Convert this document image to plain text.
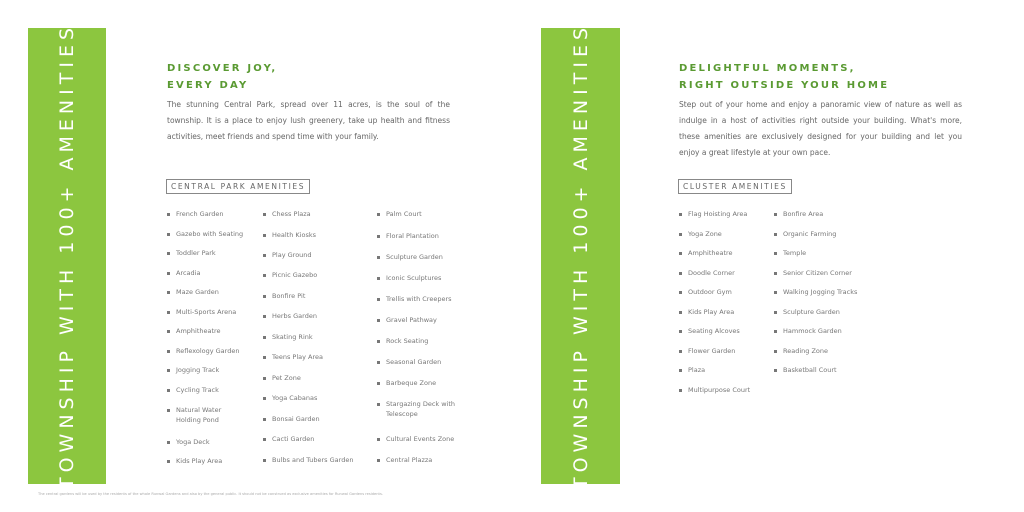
TOWNSHIP WITH 100+ AMENITIES	DISCOVER JOY,
EVERY DAY
The stunning Central Park, spread over 11 acres, is the soul of the township. It is a place to enjoy lush greenery, take up health and fitness activities, meet friends and spend time with your family.
CENTRAL PARK AMENITIES
French Garden
Gazebo with Seating
Toddler Park
Arcadia
Maze Garden
Multi-Sports Arena
Amphitheatre
Reflexology Garden
Jogging Track
Cycling Track
Natural Water Holding Pond
Yoga Deck
Kids Play Area
Chess Plaza
Health Kiosks
Play Ground
Picnic Gazebo
Bonfire Pit
Herbs Garden
Skating Rink
Teens Play Area
Pet Zone
Yoga Cabanas
Bonsai Garden
Cacti Garden
Bulbs and Tubers Garden
Palm Court
Floral Plantation
Sculpture Garden
Iconic Sculptures
Trellis with Creepers
Gravel Pathway
Rock Seating
Seasonal Garden
Barbeque Zone
Stargazing Deck with Telescope
Cultural Events Zone
Central Plazza	TOWNSHIP WITH 100+ AMENITIES	DELIGHTFUL MOMENTS,
RIGHT OUTSIDE YOUR HOME
Step out of your home and enjoy a panoramic view of nature as well as indulge in a host of activities right outside your building. What's more, these amenities are exclusively designed for your building and let you enjoy a great lifestyle at your own pace.
CLUSTER AMENITIES
Flag Hoisting Area
Yoga Zone
Amphitheatre
Doodle Corner
Outdoor Gym
Kids Play Area
Seating Alcoves
Flower Garden
Plaza
Multipurpose Court
Bonfire Area
Organic Farming
Temple
Senior Citizen Corner
Walking Jogging Tracks
Sculpture Garden
Hammock Garden
Reading Zone
Basketball Court
The central gardens will be used by the residents of the whole Runwal Gardens and also by the general public. It should not be construed as exclusive amenities for Runwal Gardens residents.
